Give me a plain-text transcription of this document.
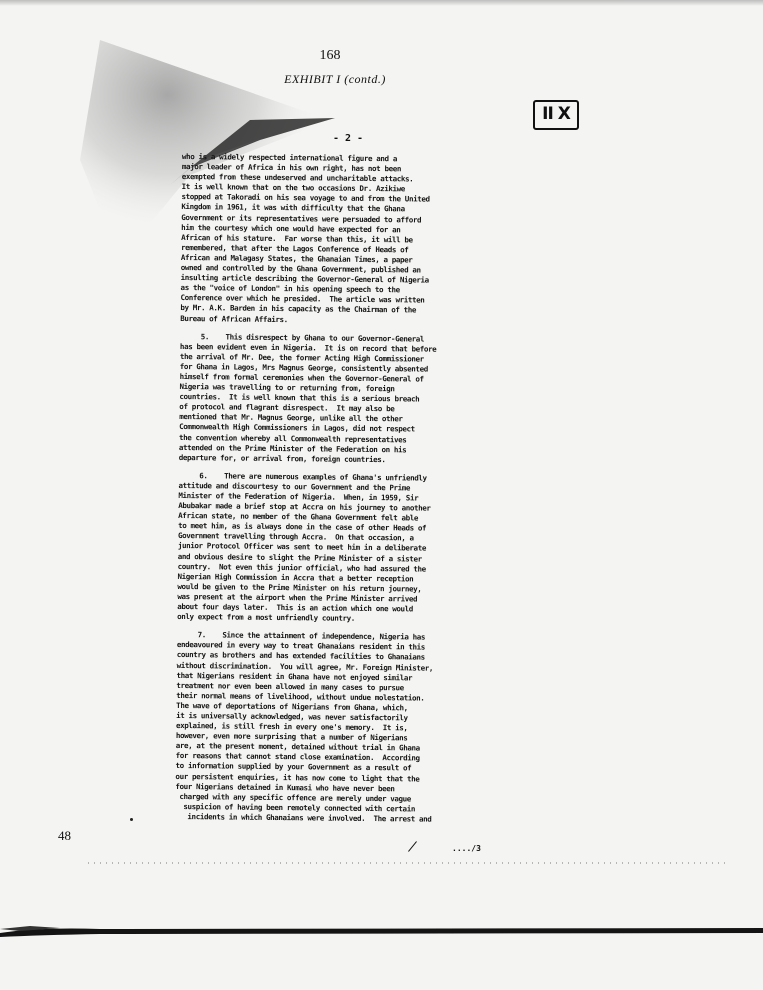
168
EXHIBIT I (contd.)
II X
- 2 -
who is a widely respected international figure and a
major leader of Africa in his own right, has not been
exempted from these undeserved and uncharitable attacks.
It is well known that on the two occasions Dr. Azikiwe
stopped at Takoradi on his sea voyage to and from the United
Kingdom in 1961, it was with difficulty that the Ghana
Government or its representatives were persuaded to afford
him the courtesy which one would have expected for an
African of his stature.  Far worse than this, it will be
remembered, that after the Lagos Conference of Heads of
African and Malagasy States, the Ghanaian Times, a paper
owned and controlled by the Ghana Government, published an
insulting article describing the Governor-General of Nigeria
as the "voice of London" in his opening speech to the
Conference over which he presided.  The article was written
by Mr. A.K. Barden in his capacity as the Chairman of the
Bureau of African Affairs.

5.    This disrespect by Ghana to our Governor-General
has been evident even in Nigeria.  It is on record that before
the arrival of Mr. Dee, the former Acting High Commissioner
for Ghana in Lagos, Mrs Magnus George, consistently absented
himself from formal ceremonies when the Governor-General of
Nigeria was travelling to or returning from, foreign
countries.  It is well known that this is a serious breach
of protocol and flagrant disrespect.  It may also be
mentioned that Mr. Magnus George, unlike all the other
Commonwealth High Commissioners in Lagos, did not respect
the convention whereby all Commonwealth representatives
attended on the Prime Minister of the Federation on his
departure for, or arrival from, foreign countries.

6.    There are numerous examples of Ghana's unfriendly
attitude and discourtesy to our Government and the Prime
Minister of the Federation of Nigeria.  When, in 1959, Sir
Abubakar made a brief stop at Accra on his journey to another
African state, no member of the Ghana Government felt able
to meet him, as is always done in the case of other Heads of
Government travelling through Accra.  On that occasion, a
junior Protocol Officer was sent to meet him in a deliberate
and obvious desire to slight the Prime Minister of a sister
country.  Not even this junior official, who had assured the
Nigerian High Commission in Accra that a better reception
would be given to the Prime Minister on his return journey,
was present at the airport when the Prime Minister arrived
about four days later.  This is an action which one would
only expect from a most unfriendly country.

7.    Since the attainment of independence, Nigeria has
endeavoured in every way to treat Ghanaians resident in this
country as brothers and has extended facilities to Ghanaians
without discrimination.  You will agree, Mr. Foreign Minister,
that Nigerians resident in Ghana have not enjoyed similar
treatment nor even been allowed in many cases to pursue
their normal means of livelihood, without undue molestation.
The wave of deportations of Nigerians from Ghana, which,
it is universally acknowledged, was never satisfactorily
explained, is still fresh in every one's memory.  It is,
however, even more surprising that a number of Nigerians
are, at the present moment, detained without trial in Ghana
for reasons that cannot stand close examination.  According
to information supplied by your Government as a result of
our persistent enquiries, it has now come to light that the
four Nigerians detained in Kumasi who have never been
charged with any specific offence are merely under vague
suspicion of having been remotely connected with certain
incidents in which Ghanaians were involved.  The arrest and
/	..../3
48
